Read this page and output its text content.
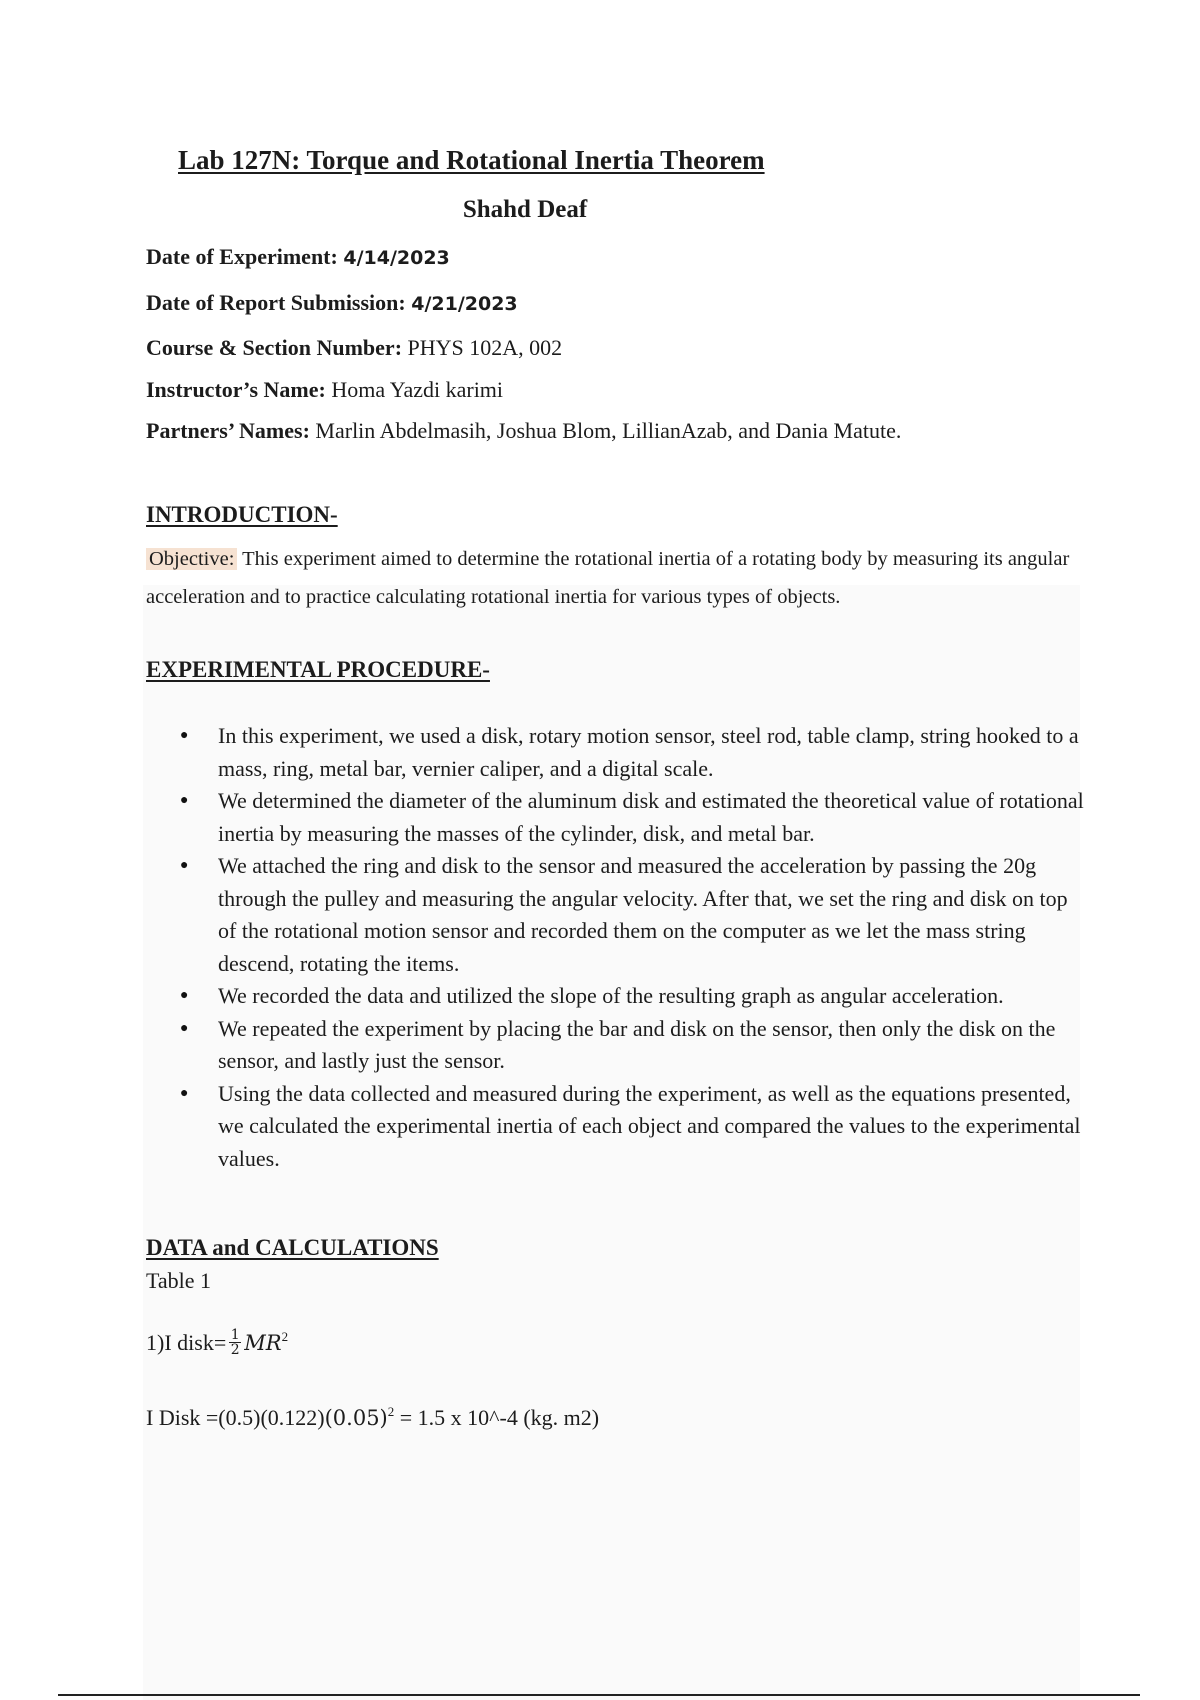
Lab 127N: Torque and Rotational Inertia Theorem
Shahd Deaf
Date of Experiment: 4/14/2023
Date of Report Submission: 4/21/2023
Course & Section Number: PHYS 102A, 002
Instructor’s Name: Homa Yazdi karimi
Partners’ Names: Marlin Abdelmasih, Joshua Blom, LillianAzab, and Dania Matute.
INTRODUCTION-
Objective: This experiment aimed to determine the rotational inertia of a rotating body by measuring its angular acceleration and to practice calculating rotational inertia for various types of objects.
EXPERIMENTAL PROCEDURE-
● In this experiment, we used a disk, rotary motion sensor, steel rod, table clamp, string hooked to a mass, ring, metal bar, vernier caliper, and a digital scale.
● We determined the diameter of the aluminum disk and estimated the theoretical value of rotational inertia by measuring the masses of the cylinder, disk, and metal bar.
● We attached the ring and disk to the sensor and measured the acceleration by passing the 20g through the pulley and measuring the angular velocity. After that, we set the ring and disk on top of the rotational motion sensor and recorded them on the computer as we let the mass string descend, rotating the items.
● We recorded the data and utilized the slope of the resulting graph as angular acceleration.
● We repeated the experiment by placing the bar and disk on the sensor, then only the disk on the sensor, and lastly just the sensor.
● Using the data collected and measured during the experiment, as well as the equations presented, we calculated the experimental inertia of each object and compared the values to the experimental values.
DATA and CALCULATIONS
Table 1
1)I disk= $\frac{1}{2} MR^2$
I Disk =(0.5)(0.122) $(0.05)^2 = 1.5$ x 10^-4 (kg. m2)
